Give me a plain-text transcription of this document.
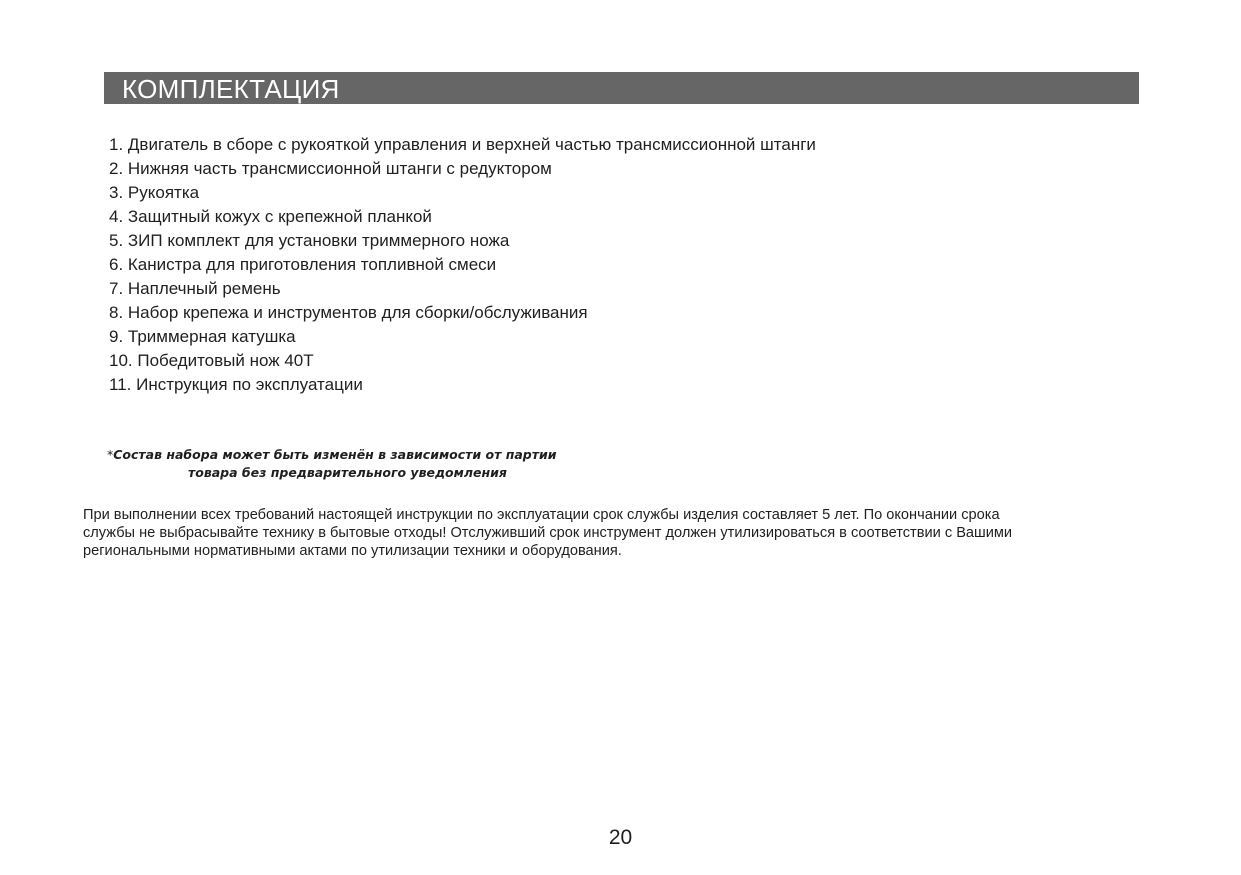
КОМПЛЕКТАЦИЯ
1. Двигатель в сборе с рукояткой управления и верхней частью трансмиссионной штанги
2. Нижняя часть трансмиссионной штанги с редуктором
3. Рукоятка
4. Защитный кожух с крепежной планкой
5. ЗИП комплект для установки триммерного ножа
6. Канистра для приготовления топливной смеси
7. Наплечный ремень
8. Набор крепежа и инструментов для сборки/обслуживания
9. Триммерная катушка
10. Победитовый нож 40Т
11. Инструкция по эксплуатации
*Состав набора может быть изменён в зависимости от партии
товара без предварительного уведомления
При выполнении всех требований настоящей инструкции по эксплуатации срок службы изделия составляет 5 лет. По окончании срока
службы не выбрасывайте технику в бытовые отходы! Отслуживший срок инструмент должен утилизироваться в соответствии с Вашими
региональными нормативными актами по утилизации техники и оборудования.
20
